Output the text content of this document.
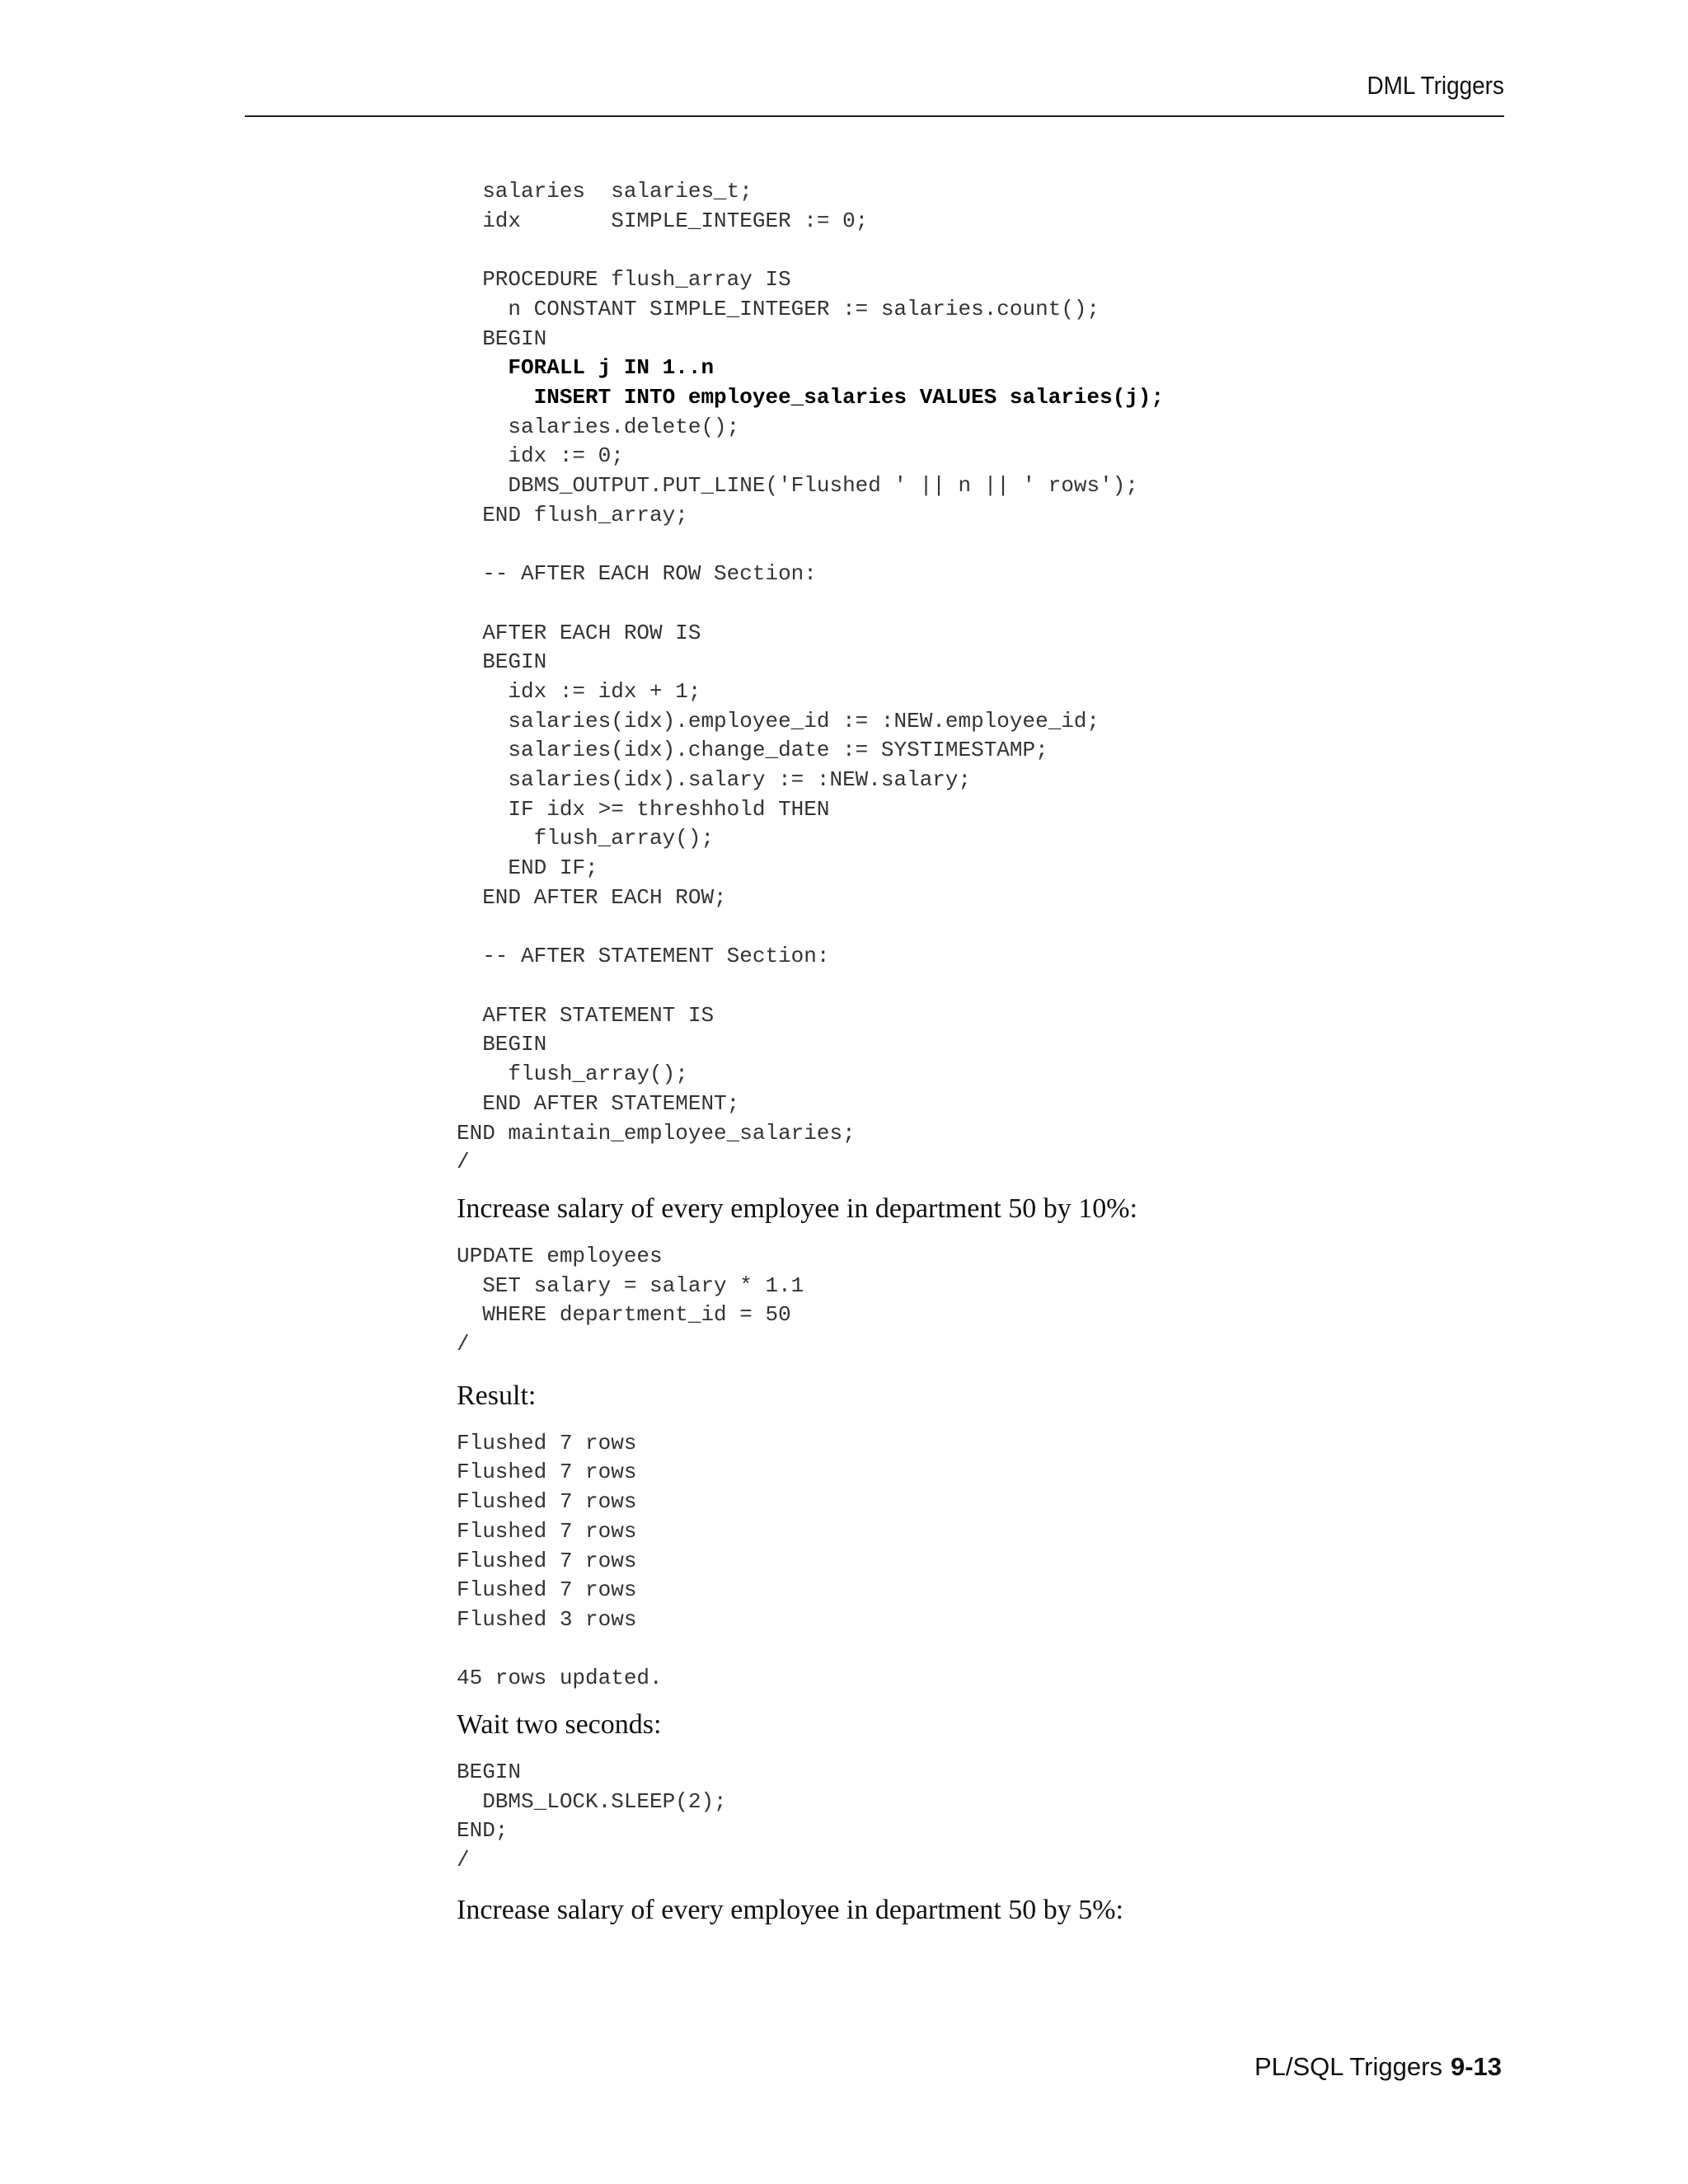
DML Triggers
salaries  salaries_t;
idx       SIMPLE_INTEGER := 0;

PROCEDURE flush_array IS
n CONSTANT SIMPLE_INTEGER := salaries.count();
BEGIN
FORALL j IN 1..n
INSERT INTO employee_salaries VALUES salaries(j);
salaries.delete();
idx := 0;
DBMS_OUTPUT.PUT_LINE('Flushed ' || n || ' rows');
END flush_array;

-- AFTER EACH ROW Section:

AFTER EACH ROW IS
BEGIN
idx := idx + 1;
salaries(idx).employee_id := :NEW.employee_id;
salaries(idx).change_date := SYSTIMESTAMP;
salaries(idx).salary := :NEW.salary;
IF idx >= threshhold THEN
flush_array();
END IF;
END AFTER EACH ROW;

-- AFTER STATEMENT Section:

AFTER STATEMENT IS
BEGIN
flush_array();
END AFTER STATEMENT;
END maintain_employee_salaries;
/

Increase salary of every employee in department 50 by 10%:

UPDATE employees
SET salary = salary * 1.1
WHERE department_id = 50
/

Result:

Flushed 7 rows
Flushed 7 rows
Flushed 7 rows
Flushed 7 rows
Flushed 7 rows
Flushed 7 rows
Flushed 3 rows

45 rows updated.

Wait two seconds:

BEGIN
DBMS_LOCK.SLEEP(2);
END;
/

Increase salary of every employee in department 50 by 5%:

PL/SQL Triggers 9-13
